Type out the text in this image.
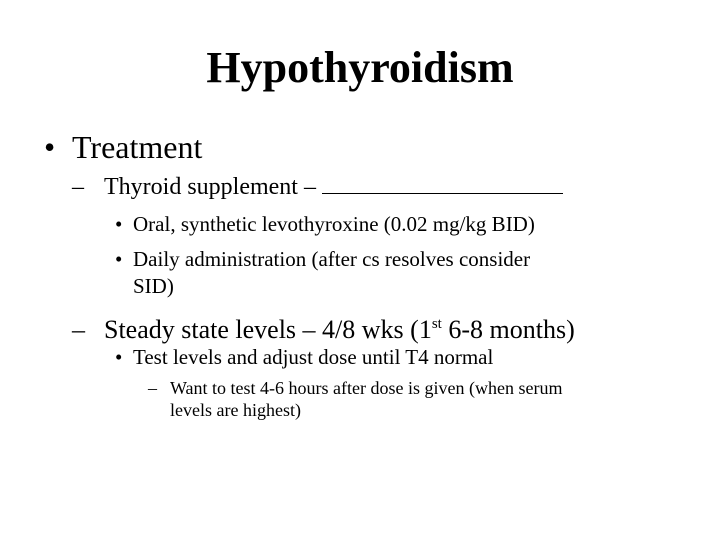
Hypothyroidism
• Treatment
– Thyroid supplement –
• Oral, synthetic levothyroxine (0.02 mg/kg BID)
• Daily administration (after cs resolves consider
SID)
– Steady state levels – 4/8 wks (1st 6-8 months)
• Test levels and adjust dose until T4 normal
– Want to test 4-6 hours after dose is given (when serum
levels are highest)
